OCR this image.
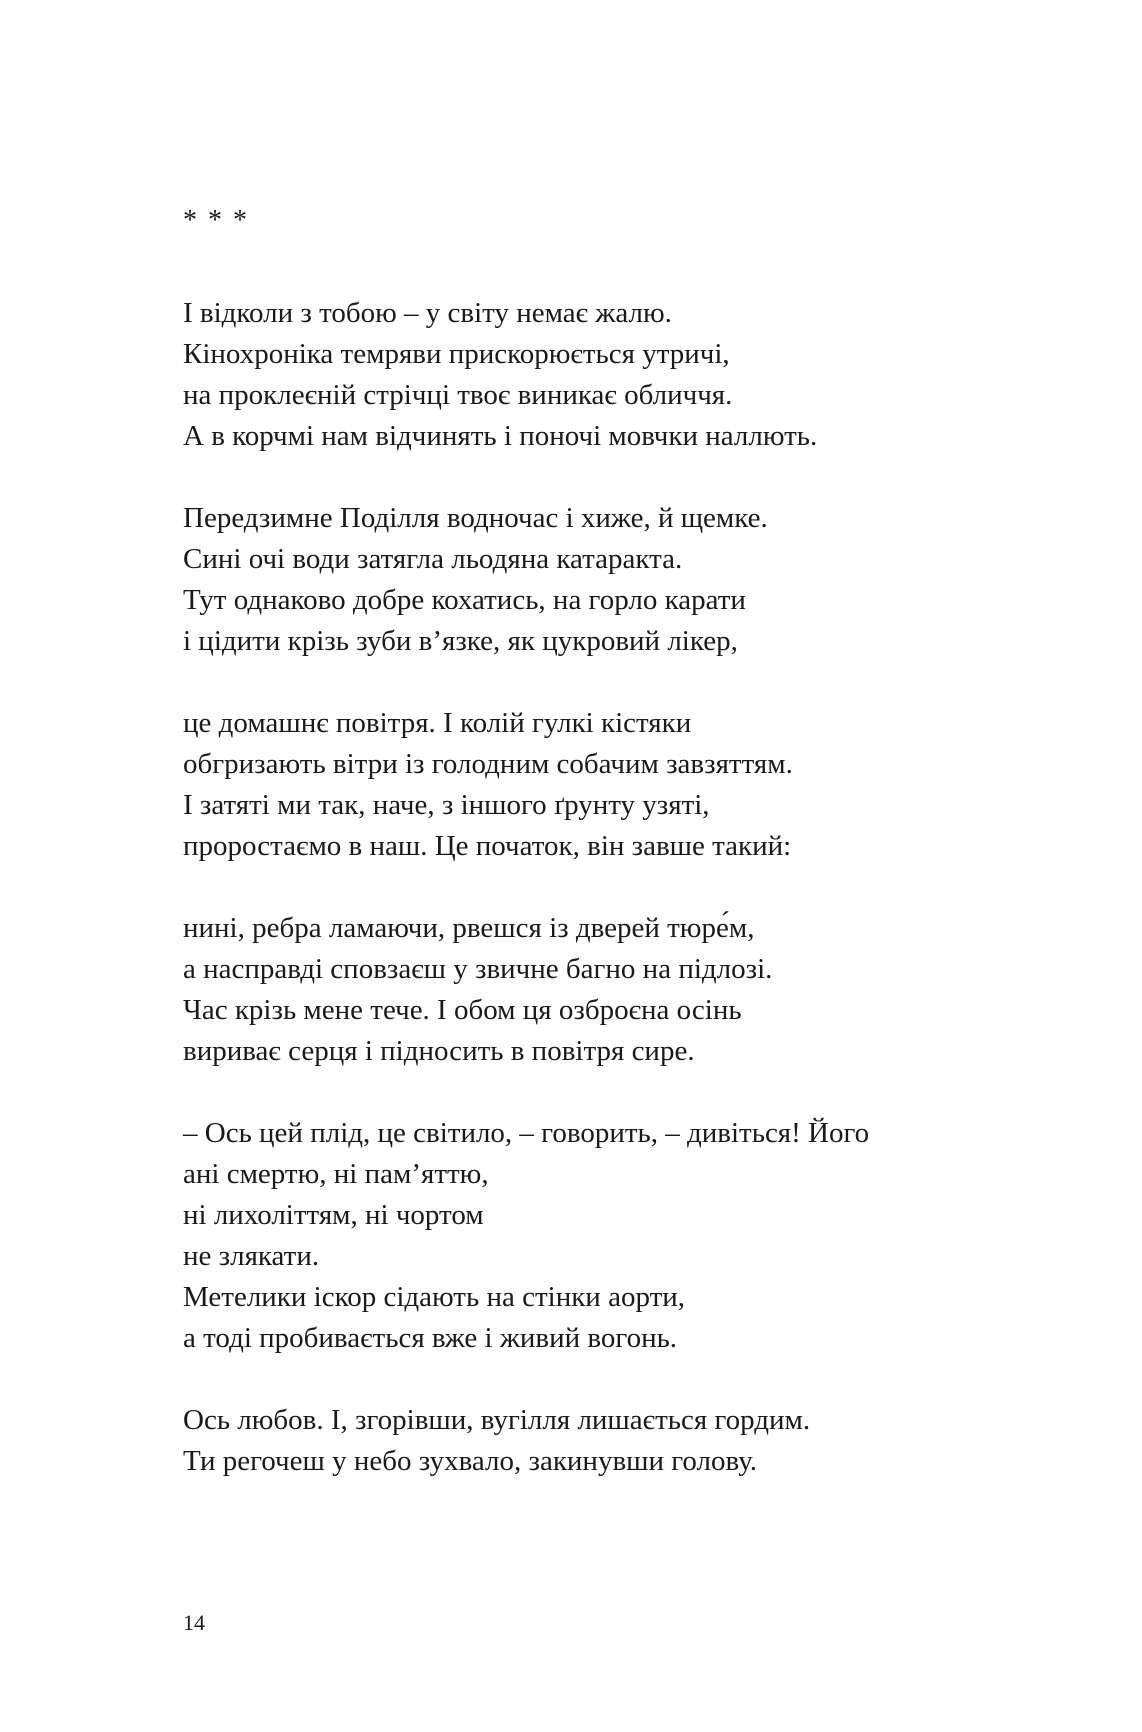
* * *
І відколи з тобою – у світу немає жалю.
Кінохроніка темряви прискорюється утричі,
на проклеєній стрічці твоє виникає обличчя.
А в корчмі нам відчинять і поночі мовчки наллють.
Передзимне Поділля водночас і хиже, й щемке.
Сині очі води затягла льодяна катаракта.
Тут однаково добре кохатись, на горло карати
і цідити крізь зуби в’язке, як цукровий лікер,
це домашнє повітря. І колій гулкі кістяки
обгризають вітри із голодним собачим завзяттям.
І затяті ми так, наче, з іншого ґрунту узяті,
проростаємо в наш. Це початок, він завше такий:
нині, ребра ламаючи, рвешся із дверей тюре́м,
а насправді сповзаєш у звичне багно на підлозі.
Час крізь мене тече. І обом ця озброєна осінь
вириває серця і підносить в повітря сире.
– Ось цей плід, це світило, – говорить, – дивіться! Його
ані смертю, ні пам’яттю,
ні лихоліттям, ні чортом
не злякати.
Метелики іскор сідають на стінки аорти,
а тоді пробивається вже і живий вогонь.
Ось любов. І, згорівши, вугілля лишається гордим.
Ти регочеш у небо зухвало, закинувши голову.
14
